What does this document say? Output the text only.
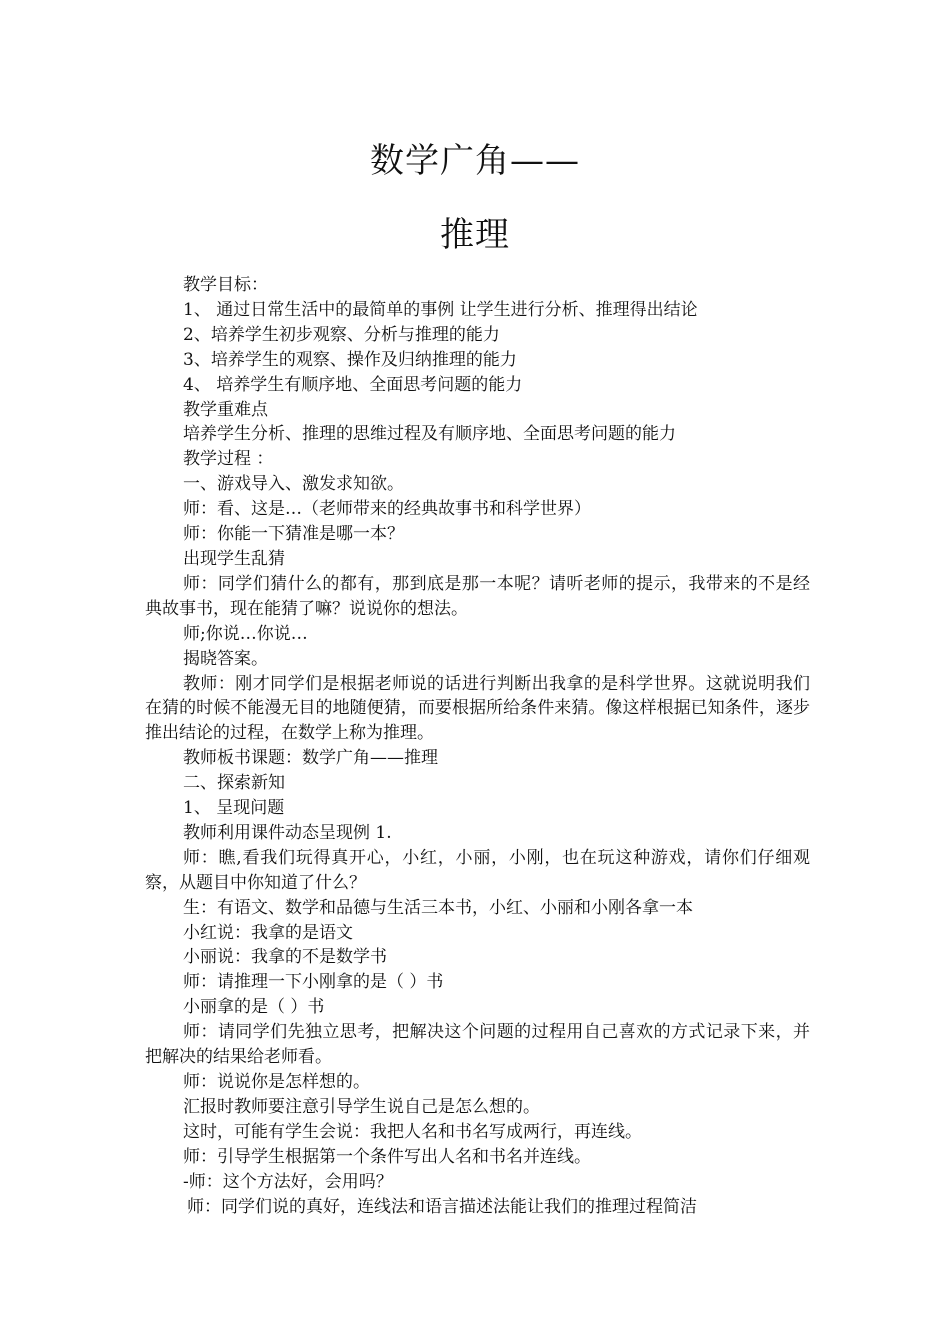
数学广角——
推理

教学目标：

1、 通过日常生活中的最简单的事例 让学生进行分析、推理得出结论

2、培养学生初步观察、分析与推理的能力

3、培养学生的观察、操作及归纳推理的能力

4、 培养学生有顺序地、全面思考问题的能力

教学重难点

培养学生分析、推理的思维过程及有顺序地、全面思考问题的能力

教学过程 ：

一、游戏导入、激发求知欲。

师：看、这是…（老师带来的经典故事书和科学世界）

师：你能一下猜准是哪一本？

出现学生乱猜

师：同学们猜什么的都有，那到底是那一本呢？请听老师的提示，我带来的不是经典故事书，现在能猜了嘛？说说你的想法。

师;你说…你说…

揭晓答案。

教师：刚才同学们是根据老师说的话进行判断出我拿的是科学世界。这就说明我们在猜的时候不能漫无目的地随便猜，而要根据所给条件来猜。像这样根据已知条件，逐步推出结论的过程，在数学上称为推理。

教师板书课题：数学广角——推理

二、探索新知

1、 呈现问题

教师利用课件动态呈现例 1.

师：瞧,看我们玩得真开心，小红，小丽，小刚，也在玩这种游戏，请你们仔细观察，从题目中你知道了什么？

生：有语文、数学和品德与生活三本书，小红、小丽和小刚各拿一本

小红说：我拿的是语文

小丽说：我拿的不是数学书

师：请推理一下小刚拿的是（ ）书

小丽拿的是（ ）书

师：请同学们先独立思考，把解决这个问题的过程用自己喜欢的方式记录下来，并把解决的结果给老师看。

师：说说你是怎样想的。

汇报时教师要注意引导学生说自己是怎么想的。

这时，可能有学生会说：我把人名和书名写成两行，再连线。

师：引导学生根据第一个条件写出人名和书名并连线。

-师：这个方法好，会用吗？

师：同学们说的真好，连线法和语言描述法能让我们的推理过程简洁
